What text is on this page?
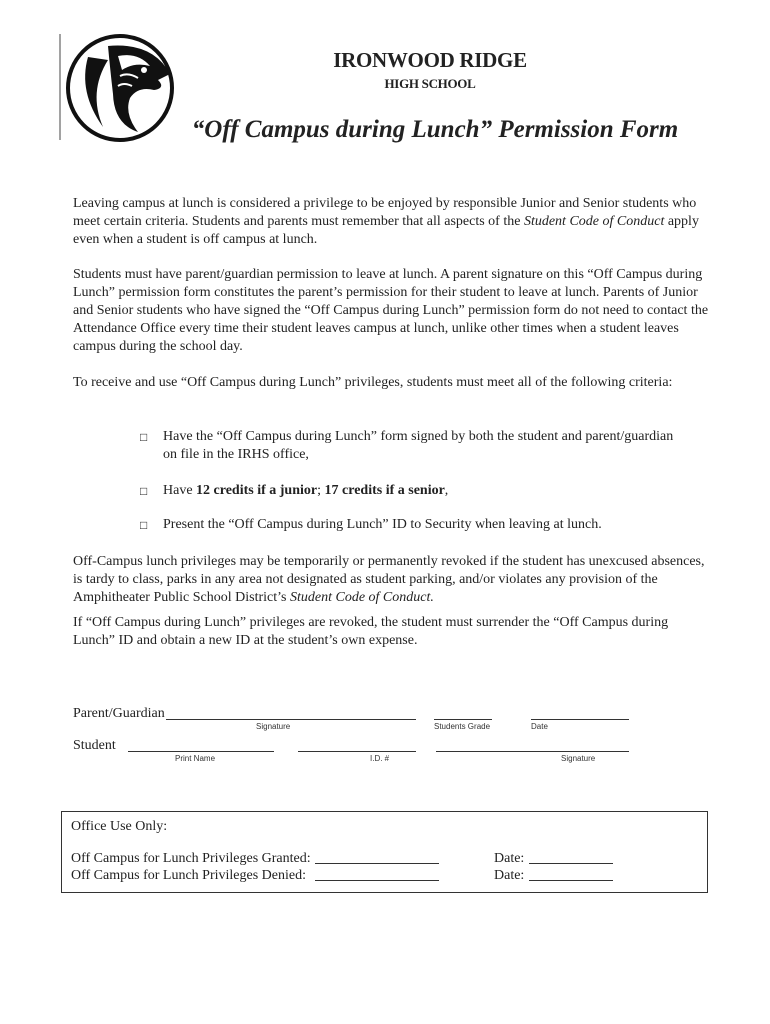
IRONWOOD RIDGE
HIGH SCHOOL
“Off Campus during Lunch” Permission Form

Leaving campus at lunch is considered a privilege to be enjoyed by responsible Junior and Senior students who meet certain criteria. Students and parents must remember that all aspects of the Student Code of Conduct apply even when a student is off campus at lunch.

Students must have parent/guardian permission to leave at lunch. A parent signature on this “Off Campus during Lunch” permission form constitutes the parent’s permission for their student to leave at lunch. Parents of Junior and Senior students who have signed the “Off Campus during Lunch” permission form do not need to contact the Attendance Office every time their student leaves campus at lunch, unlike other times when a student leaves campus during the school day.

To receive and use “Off Campus during Lunch” privileges, students must meet all of the following criteria:

□ Have the “Off Campus during Lunch” form signed by both the student and parent/guardian on file in the IRHS office,
□ Have 12 credits if a junior; 17 credits if a senior,
□ Present the “Off Campus during Lunch” ID to Security when leaving at lunch.

Off-Campus lunch privileges may be temporarily or permanently revoked if the student has unexcused absences, is tardy to class, parks in any area not designated as student parking, and/or violates any provision of the Amphitheater Public School District’s Student Code of Conduct.

If “Off Campus during Lunch” privileges are revoked, the student must surrender the “Off Campus during Lunch” ID and obtain a new ID at the student’s own expense.

Parent/Guardian
Signature	Students Grade	Date
Student
Print Name	I.D. #	Signature
Office Use Only:
Off Campus for Lunch Privileges Granted:	Date:
Off Campus for Lunch Privileges Denied:	Date:
